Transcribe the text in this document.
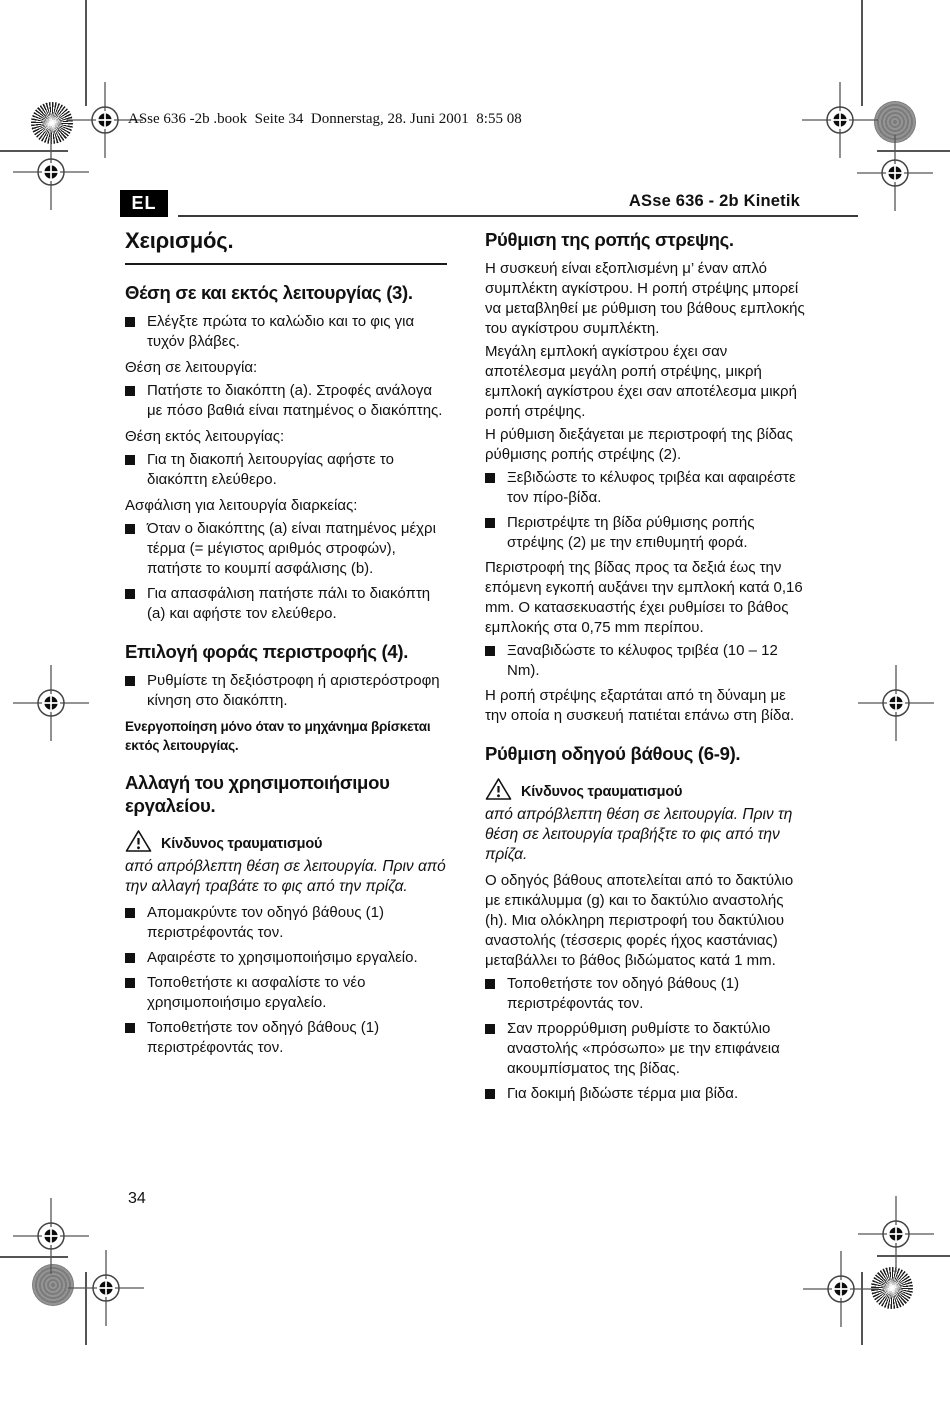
ASse 636 -2b .book  Seite 34  Donnerstag, 28. Juni 2001  8:55 08
EL	ASse 636 - 2b Kinetik
Χειρισμός.
Θέση σε και εκτός λειτουργίας (3).
Ελέγξτε πρώτα το καλώδιο και το φις για τυχόν βλάβες.

Θέση σε λειτουργία:

Πατήστε το διακόπτη (a). Στροφές ανάλογα με πόσο βαθιά είναι πατημένος ο διακόπτης.

Θέση εκτός λειτουργίας:

Για τη διακοπή λειτουργίας αφήστε το διακόπτη ελεύθερο.

Ασφάλιση για λειτουργία διαρκείας:

Όταν ο διακόπτης (a) είναι πατημένος μέχρι τέρμα (= μέγιστος αριθμός στροφών), πατήστε το κουμπί ασφάλισης (b).
Για απασφάλιση πατήστε πάλι το διακόπτη (a) και αφήστε τον ελεύθερο.
Επιλογή φοράς περιστροφής (4).
Ρυθμίστε τη δεξιόστροφη ή αριστερόστροφη κίνηση στο διακόπτη.

Ενεργοποίηση μόνο όταν το μηχάνημα βρίσκεται εκτός λειτουργίας.

Αλλαγή του χρησιμοποιήσιμου εργαλείου.
Κίνδυνος τραυματισμού

από απρόβλεπτη θέση σε λειτουργία. Πριν από την αλλαγή τραβάτε το φις από την πρίζα.

Απομακρύντε τον οδηγό βάθους (1) περιστρέφοντάς τον.
Αφαιρέστε το χρησιμοποιήσιμο εργαλείο.
Τοποθετήστε κι ασφαλίστε το νέο χρησιμοποιήσιμο εργαλείο.
Τοποθετήστε τον οδηγό βάθους (1) περιστρέφοντάς τον.
Ρύθμιση της ροπής στρεψης.

Η συσκευή είναι εξοπλισμένη μ’ έναν απλό συμπλέκτη αγκίστρου. Η ροπή στρέψης μπορεί να μεταβληθεί με ρύθμιση του βάθους εμπλοκής του αγκίστρου συμπλέκτη.

Μεγάλη εμπλοκή αγκίστρου έχει σαν αποτέλεσμα μεγάλη ροπή στρέψης, μικρή εμπλοκή αγκίστρου έχει σαν αποτέλεσμα μικρή ροπή στρέψης.

Η ρύθμιση διεξάγεται με περιστροφή της βίδας ρύθμισης ροπής στρέψης (2).

Ξεβιδώστε το κέλυφος τριβέα και αφαιρέστε τον πίρο-βίδα.
Περιστρέψτε τη βίδα ρύθμισης ροπής στρέψης (2) με την επιθυμητή φορά.

Περιστροφή της βίδας προς τα δεξιά έως την επόμενη εγκοπή αυξάνει την εμπλοκή κατά 0,16 mm. Ο κατασεκυαστής έχει ρυθμίσει το βάθος εμπλοκής στα 0,75 mm περίπου.

Ξαναβιδώστε το κέλυφος τριβέα (10 – 12 Nm).

Η ροπή στρέψης εξαρτάται από τη δύναμη με την οποία η συσκευή πατιέται επάνω στη βίδα.

Ρύθμιση οδηγού βάθους (6-9).
Κίνδυνος τραυματισμού

από απρόβλεπτη θέση σε λειτουργία. Πριν τη θέση σε λειτουργία τραβήξτε το φις από την πρίζα.

Ο οδηγός βάθους αποτελείται από το δακτύλιο με επικάλυμμα (g) και το δακτύλιο αναστολής (h). Μια ολόκληρη περιστροφή του δακτύλιου αναστολής (τέσσερις φορές ήχος καστάνιας) μεταβάλλει το βάθος βιδώματος κατά 1 mm.

Τοποθετήστε τον οδηγό βάθους (1) περιστρέφοντάς τον.
Σαν προρρύθμιση ρυθμίστε το δακτύλιο αναστολής «πρόσωπο» με την επιφάνεια ακουμπίσματος της βίδας.
Για δοκιμή βιδώστε τέρμα μια βίδα.
34
